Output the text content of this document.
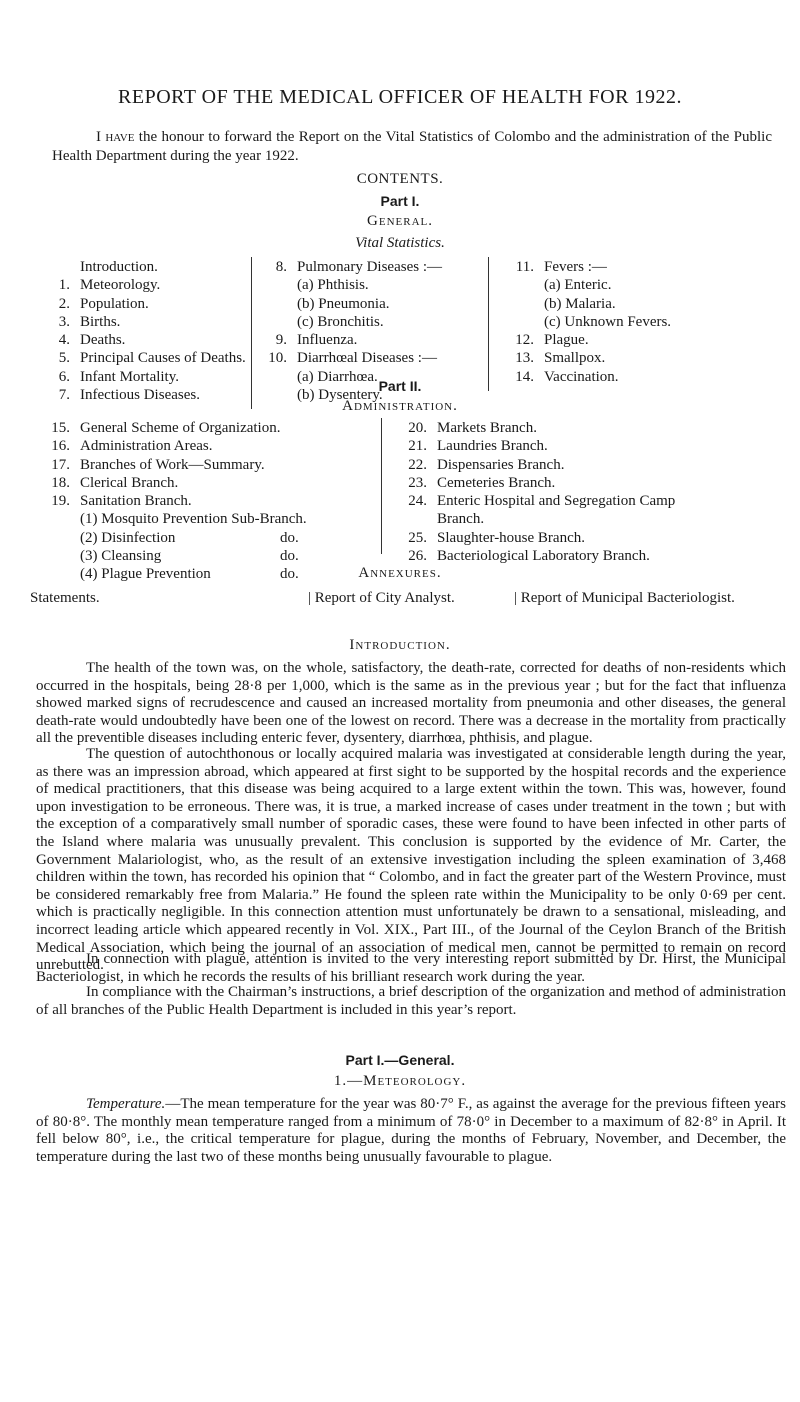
REPORT OF THE MEDICAL OFFICER OF HEALTH FOR 1922.

I have the honour to forward the Report on the Vital Statistics of Colombo and the administration of the Public Health Department during the year 1922.

CONTENTS.
Part I.
General.
Vital Statistics.
Introduction.
1. Meteorology.
2. Population.
3. Births.
4. Deaths.
5. Principal Causes of Deaths.
6. Infant Mortality.
7. Infectious Diseases.
8. Pulmonary Diseases :—
(a) Phthisis.
(b) Pneumonia.
(c) Bronchitis.
9. Influenza.
10. Diarrhœal Diseases :—
(a) Diarrhœa.
(b) Dysentery.
11. Fevers :—
(a) Enteric.
(b) Malaria.
(c) Unknown Fevers.
12. Plague.
13. Smallpox.
14. Vaccination.
Part II.
Administration.
15. General Scheme of Organization.
16. Administration Areas.
17. Branches of Work—Summary.
18. Clerical Branch.
19. Sanitation Branch.
(1) Mosquito Prevention Sub-Branch.
(2) Disinfection	do.
(3) Cleansing	do.
(4) Plague Prevention	do.
20. Markets Branch.
21. Laundries Branch.
22. Dispensaries Branch.
23. Cemeteries Branch.
24. Enteric Hospital and Segregation Camp
Branch.
25. Slaughter-house Branch.
26. Bacteriological Laboratory Branch.
Annexures.
Statements.	| Report of City Analyst.	| Report of Municipal Bacteriologist.
Introduction.

The health of the town was, on the whole, satisfactory, the death-rate, corrected for deaths of non-residents which occurred in the hospitals, being 28·8 per 1,000, which is the same as in the previous year ; but for the fact that influenza showed marked signs of recrudescence and caused an increased mortality from pneumonia and other diseases, the general death-rate would undoubtedly have been one of the lowest on record. There was a decrease in the mortality from practically all the preventible diseases including enteric fever, dysentery, diarrhœa, phthisis, and plague.

The question of autochthonous or locally acquired malaria was investigated at considerable length during the year, as there was an impression abroad, which appeared at first sight to be supported by the hospital records and the experience of medical practitioners, that this disease was being acquired to a large extent within the town. This was, however, found upon investigation to be erroneous. There was, it is true, a marked increase of cases under treatment in the town ; but with the exception of a comparatively small number of sporadic cases, these were found to have been infected in other parts of the Island where malaria was unusually prevalent. This conclusion is supported by the evidence of Mr. Carter, the Government Malariologist, who, as the result of an extensive investigation including the spleen examination of 3,468 children within the town, has recorded his opinion that “ Colombo, and in fact the greater part of the Western Province, must be considered remarkably free from Malaria.” He found the spleen rate within the Municipality to be only 0·69 per cent. which is practically negligible. In this connection attention must unfortunately be drawn to a sensational, misleading, and incorrect leading article which appeared recently in Vol. XIX., Part III., of the Journal of the Ceylon Branch of the British Medical Association, which being the journal of an association of medical men, cannot be permitted to remain on record unrebutted.

In connection with plague, attention is invited to the very interesting report submitted by Dr. Hirst, the Municipal Bacteriologist, in which he records the results of his brilliant research work during the year.

In compliance with the Chairman’s instructions, a brief description of the organization and method of administration of all branches of the Public Health Department is included in this year’s report.

Part I.—General.
1.—Meteorology.

Temperature.—The mean temperature for the year was 80·7° F., as against the average for the previous fifteen years of 80·8°. The monthly mean temperature ranged from a minimum of 78·0° in December to a maximum of 82·8° in April. It fell below 80°, i.e., the critical temperature for plague, during the months of February, November, and December, the temperature during the last two of these months being unusually favourable to plague.
